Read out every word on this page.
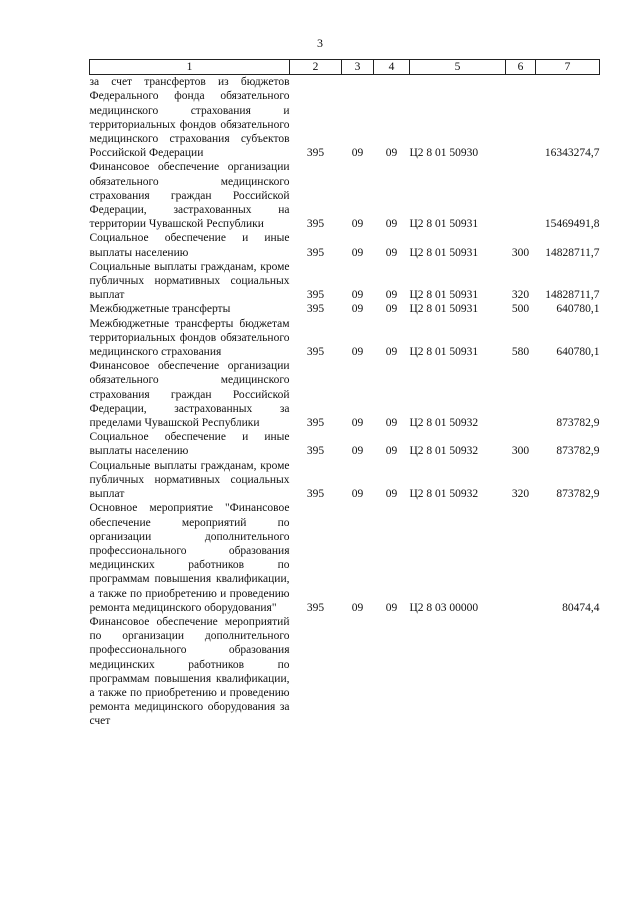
3
1	2	3	4	5	6	7
за счет трансфертов из бюджетов Федерального фонда обязательного медицинского страхования и территориальных фондов обязательного медицинского страхования субъектов Российской Федерации	395	09	09	Ц2 8 01 50930		16343274,7
Финансовое обеспечение организации обязательного медицинского страхования граждан Российской Федерации, застрахованных на территории Чувашской Республики	395	09	09	Ц2 8 01 50931		15469491,8
Социальное обеспечение и иные выплаты населению	395	09	09	Ц2 8 01 50931	300	14828711,7
Социальные выплаты гражданам, кроме публичных нормативных социальных выплат	395	09	09	Ц2 8 01 50931	320	14828711,7
Межбюджетные трансферты	395	09	09	Ц2 8 01 50931	500	640780,1
Межбюджетные трансферты бюджетам территориальных фондов обязательного медицинского страхования	395	09	09	Ц2 8 01 50931	580	640780,1
Финансовое обеспечение организации обязательного медицинского страхования граждан Российской Федерации, застрахованных за пределами Чувашской Республики	395	09	09	Ц2 8 01 50932		873782,9
Социальное обеспечение и иные выплаты населению	395	09	09	Ц2 8 01 50932	300	873782,9
Социальные выплаты гражданам, кроме публичных нормативных социальных выплат	395	09	09	Ц2 8 01 50932	320	873782,9
Основное мероприятие "Финансовое обеспечение мероприятий по организации дополнительного профессионального образования медицинских работников по программам повышения квалификации, а также по приобретению и проведению ремонта медицинского оборудования"	395	09	09	Ц2 8 03 00000		80474,4
Финансовое обеспечение мероприятий по организации дополнительного профессионального образования медицинских работников по программам повышения квалификации, а также по приобретению и проведению ремонта медицинского оборудования за счет						
